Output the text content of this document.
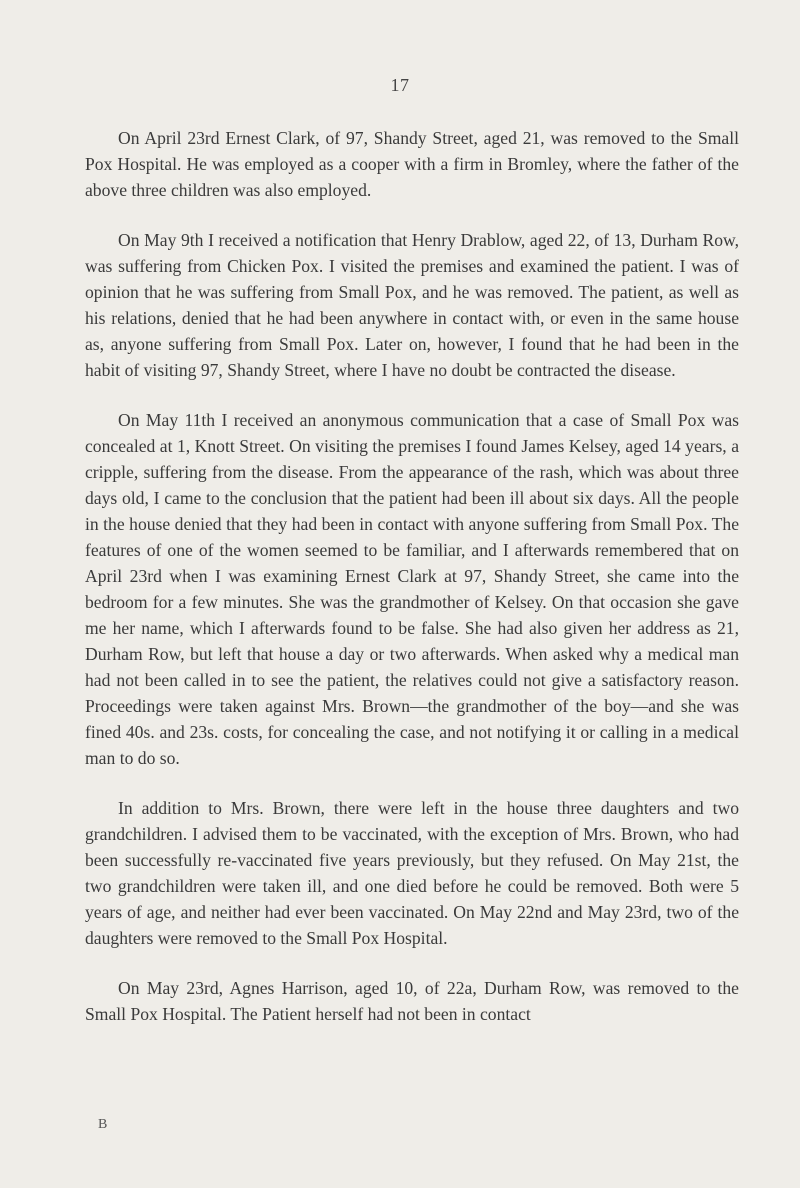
17

On April 23rd Ernest Clark, of 97, Shandy Street, aged 21, was removed to the Small Pox Hospital. He was employed as a cooper with a firm in Bromley, where the father of the above three children was also employed.

On May 9th I received a notification that Henry Drablow, aged 22, of 13, Durham Row, was suffering from Chicken Pox. I visited the premises and examined the patient. I was of opinion that he was suffering from Small Pox, and he was removed. The patient, as well as his relations, denied that he had been anywhere in contact with, or even in the same house as, anyone suffering from Small Pox. Later on, however, I found that he had been in the habit of visiting 97, Shandy Street, where I have no doubt be contracted the disease.

On May 11th I received an anonymous communication that a case of Small Pox was concealed at 1, Knott Street. On visiting the premises I found James Kelsey, aged 14 years, a cripple, suffering from the disease. From the appearance of the rash, which was about three days old, I came to the conclusion that the patient had been ill about six days. All the people in the house denied that they had been in contact with anyone suffering from Small Pox. The features of one of the women seemed to be familiar, and I afterwards remembered that on April 23rd when I was examining Ernest Clark at 97, Shandy Street, she came into the bedroom for a few minutes. She was the grandmother of Kelsey. On that occasion she gave me her name, which I afterwards found to be false. She had also given her address as 21, Durham Row, but left that house a day or two afterwards. When asked why a medical man had not been called in to see the patient, the relatives could not give a satisfactory reason. Proceedings were taken against Mrs. Brown—the grandmother of the boy—and she was fined 40s. and 23s. costs, for concealing the case, and not notifying it or calling in a medical man to do so.

In addition to Mrs. Brown, there were left in the house three daughters and two grandchildren. I advised them to be vaccinated, with the exception of Mrs. Brown, who had been successfully re-vaccinated five years previously, but they refused. On May 21st, the two grandchildren were taken ill, and one died before he could be removed. Both were 5 years of age, and neither had ever been vaccinated. On May 22nd and May 23rd, two of the daughters were removed to the Small Pox Hospital.

On May 23rd, Agnes Harrison, aged 10, of 22a, Durham Row, was removed to the Small Pox Hospital. The Patient herself had not been in contact

B
